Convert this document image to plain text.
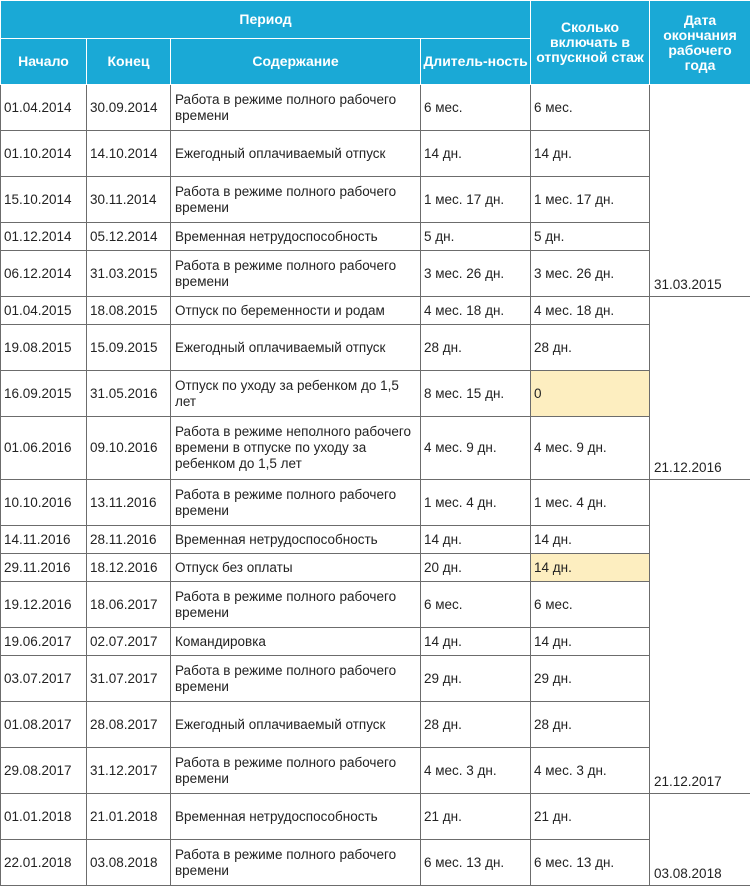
Период				Сколько включать в отпускной стаж	Дата окончания рабочего года
Начало	Конец	Содержание	Длитель-ность		
01.04.2014	30.09.2014	Работа в режиме полного рабочего времени	6 мес.	6 мес.	31.03.2015
01.10.2014	14.10.2014	Ежегодный оплачиваемый отпуск	14 дн.	14 дн.	
15.10.2014	30.11.2014	Работа в режиме полного рабочего времени	1 мес. 17 дн.	1 мес. 17 дн.	
01.12.2014	05.12.2014	Временная нетрудоспособность	5 дн.	5 дн.	
06.12.2014	31.03.2015	Работа в режиме полного рабочего времени	3 мес. 26 дн.	3 мес. 26 дн.	
01.04.2015	18.08.2015	Отпуск по беременности и родам	4 мес. 18 дн.	4 мес. 18 дн.	21.12.2016
19.08.2015	15.09.2015	Ежегодный оплачиваемый отпуск	28 дн.	28 дн.	
16.09.2015	31.05.2016	Отпуск по уходу за ребенком до 1,5 лет	8 мес. 15 дн.	0	
01.06.2016	09.10.2016	Работа в режиме неполного рабочего времени в отпуске по уходу за ребенком до 1,5 лет	4 мес. 9 дн.	4 мес. 9 дн.	
10.10.2016	13.11.2016	Работа в режиме полного рабочего времени	1 мес. 4 дн.	1 мес. 4 дн.	21.12.2017
14.11.2016	28.11.2016	Временная нетрудоспособность	14 дн.	14 дн.	
29.11.2016	18.12.2016	Отпуск без оплаты	20 дн.	14 дн.	
19.12.2016	18.06.2017	Работа в режиме полного рабочего времени	6 мес.	6 мес.	
19.06.2017	02.07.2017	Командировка	14 дн.	14 дн.	
03.07.2017	31.07.2017	Работа в режиме полного рабочего времени	29 дн.	29 дн.	
01.08.2017	28.08.2017	Ежегодный оплачиваемый отпуск	28 дн.	28 дн.	
29.08.2017	31.12.2017	Работа в режиме полного рабочего времени	4 мес. 3 дн.	4 мес. 3 дн.	
01.01.2018	21.01.2018	Временная нетрудоспособность	21 дн.	21 дн.	03.08.2018
22.01.2018	03.08.2018	Работа в режиме полного рабочего времени	6 мес. 13 дн.	6 мес. 13 дн.	
